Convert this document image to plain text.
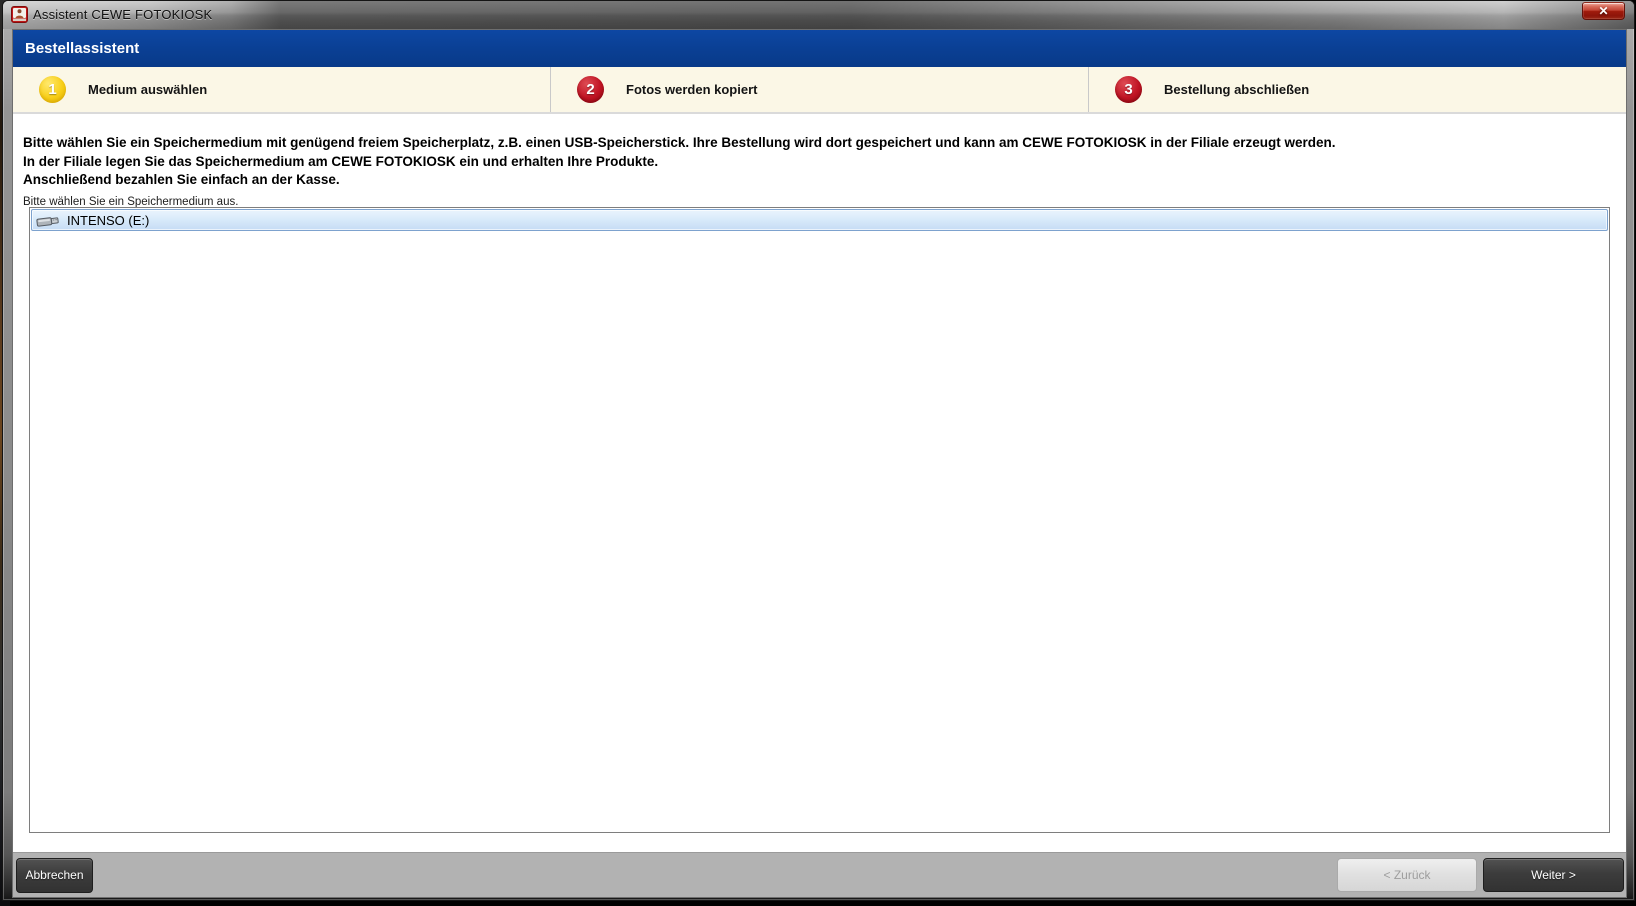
Assistent CEWE FOTOKIOSK	✕
Bestellassistent
1	Medium auswählen	2	Fotos werden kopiert	3	Bestellung abschließen
Bitte wählen Sie ein Speichermedium mit genügend freiem Speicherplatz, z.B. einen USB-Speicherstick. Ihre Bestellung wird dort gespeichert und kann am CEWE FOTOKIOSK in der Filiale erzeugt werden.
In der Filiale legen Sie das Speichermedium am CEWE FOTOKIOSK ein und erhalten Ihre Produkte.
Anschließend bezahlen Sie einfach an der Kasse.
Bitte wählen Sie ein Speichermedium aus.
INTENSO (E:)
Abbrechen	< Zurück	Weiter >
